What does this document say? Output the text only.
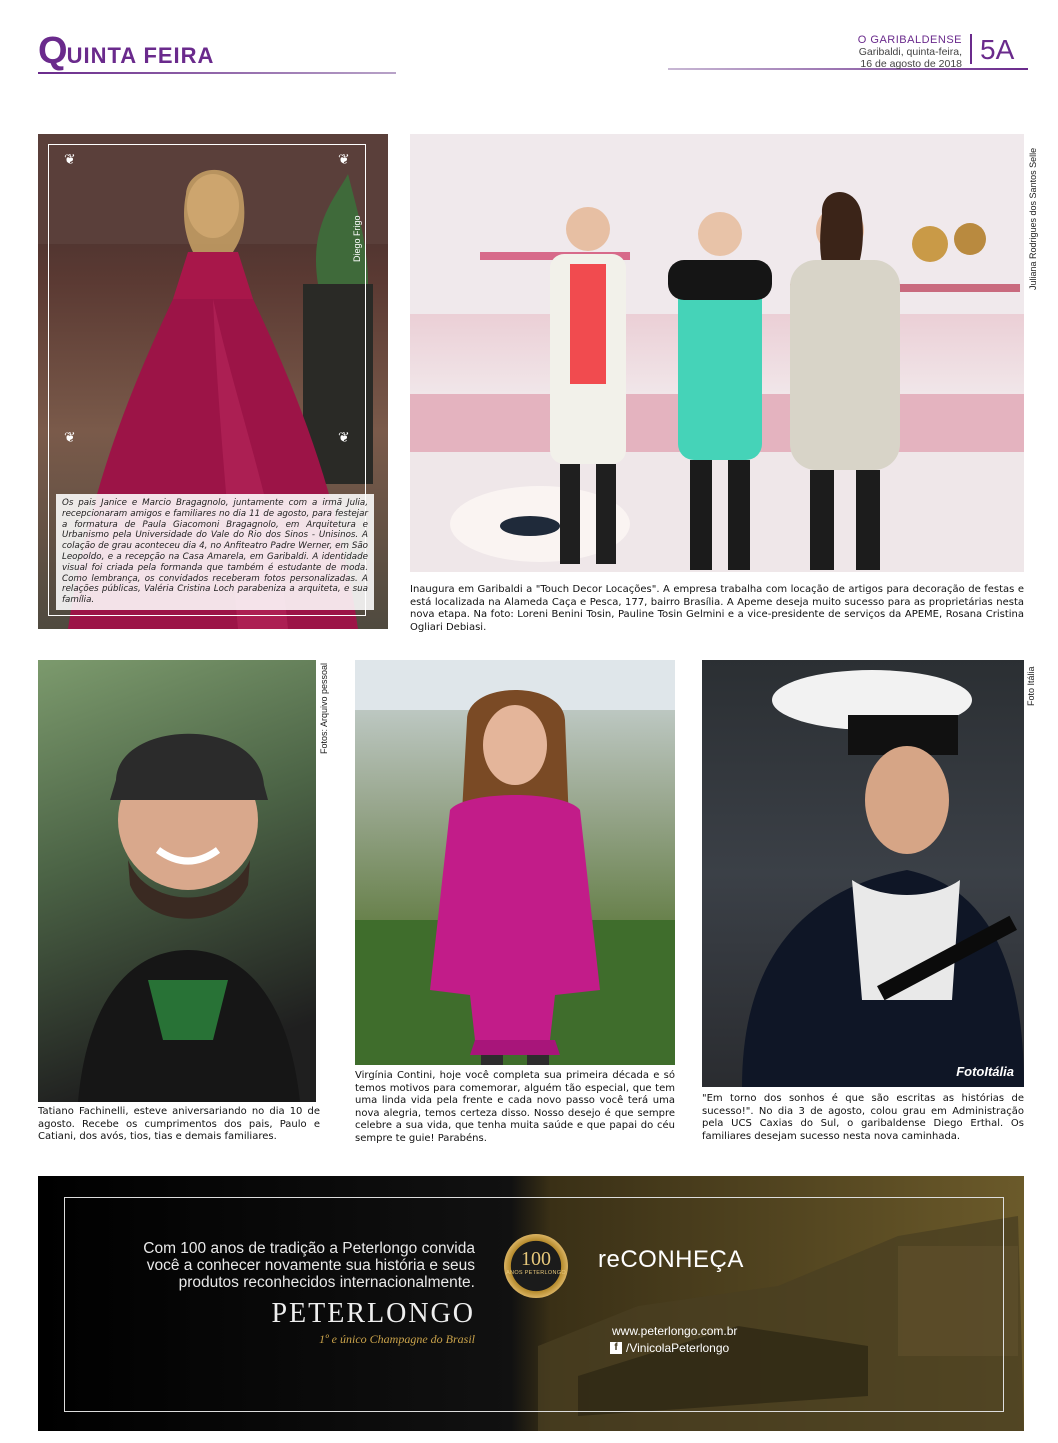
QUINTA FEIRA
O GARIBALDENSE
Garibaldi, quinta-feira,
16 de agosto de 2018 5A
❦	❦
❦	❦
Diego Frigo

Os pais Janice e Marcio Bragagnolo, juntamente com a irmã Julia, recepcionaram amigos e familiares no dia 11 de agosto, para festejar a formatura de Paula Giacomoni Bragagnolo, em Arquitetura e Urbanismo pela Universidade do Vale do Rio dos Sinos - Unisinos. A colação de grau aconteceu dia 4, no Anfiteatro Padre Werner, em São Leopoldo, e a recepção na Casa Amarela, em Garibaldi. A identidade visual foi criada pela formanda que também é estudante de moda. Como lembrança, os convidados receberam fotos personalizadas. A relações públicas, Valéria Cristina Loch parabeniza a arquiteta, e sua família.

Juliana Rodrigues dos Santos Selle

Inaugura em Garibaldi a "Touch Decor Locações". A empresa trabalha com locação de artigos para decoração de festas e está localizada na Alameda Caça e Pesca, 177, bairro Brasília. A Apeme deseja muito sucesso para as proprietárias nesta nova etapa. Na foto: Loreni Benini Tosin, Pauline Tosin Gelmini e a vice-presidente de serviços da APEME, Rosana Cristina Ogliari Debiasi.

Fotos: Arquivo pessoal

Tatiano Fachinelli, esteve aniversariando no dia 10 de agosto. Recebe os cumprimentos dos pais, Paulo e Catiani, dos avós, tios, tias e demais familiares.

Virgínia Contini, hoje você completa sua primeira década e só temos motivos para comemorar, alguém tão especial, que tem uma linda vida pela frente e cada novo passo você terá uma nova alegria, temos certeza disso. Nosso desejo é que sempre celebre a sua vida, que tenha muita saúde e que papai do céu sempre te guie! Parabéns.

FotoItália
Foto Itália

"Em torno dos sonhos é que são escritas as histórias de sucesso!". No dia 3 de agosto, colou grau em Administração pela UCS Caxias do Sul, o garibaldense Diego Erthal. Os familiares desejam sucesso nesta nova caminhada.

Com 100 anos de tradição a Peterlongo convida você a conhecer novamente sua história e seus produtos reconhecidos internacionalmente.

PETERLONGO
1º e único Champagne do Brasil
100
ANOS PETERLONGO reCONHEÇA
www.peterlongo.com.br
f /VinicolaPeterlongo
